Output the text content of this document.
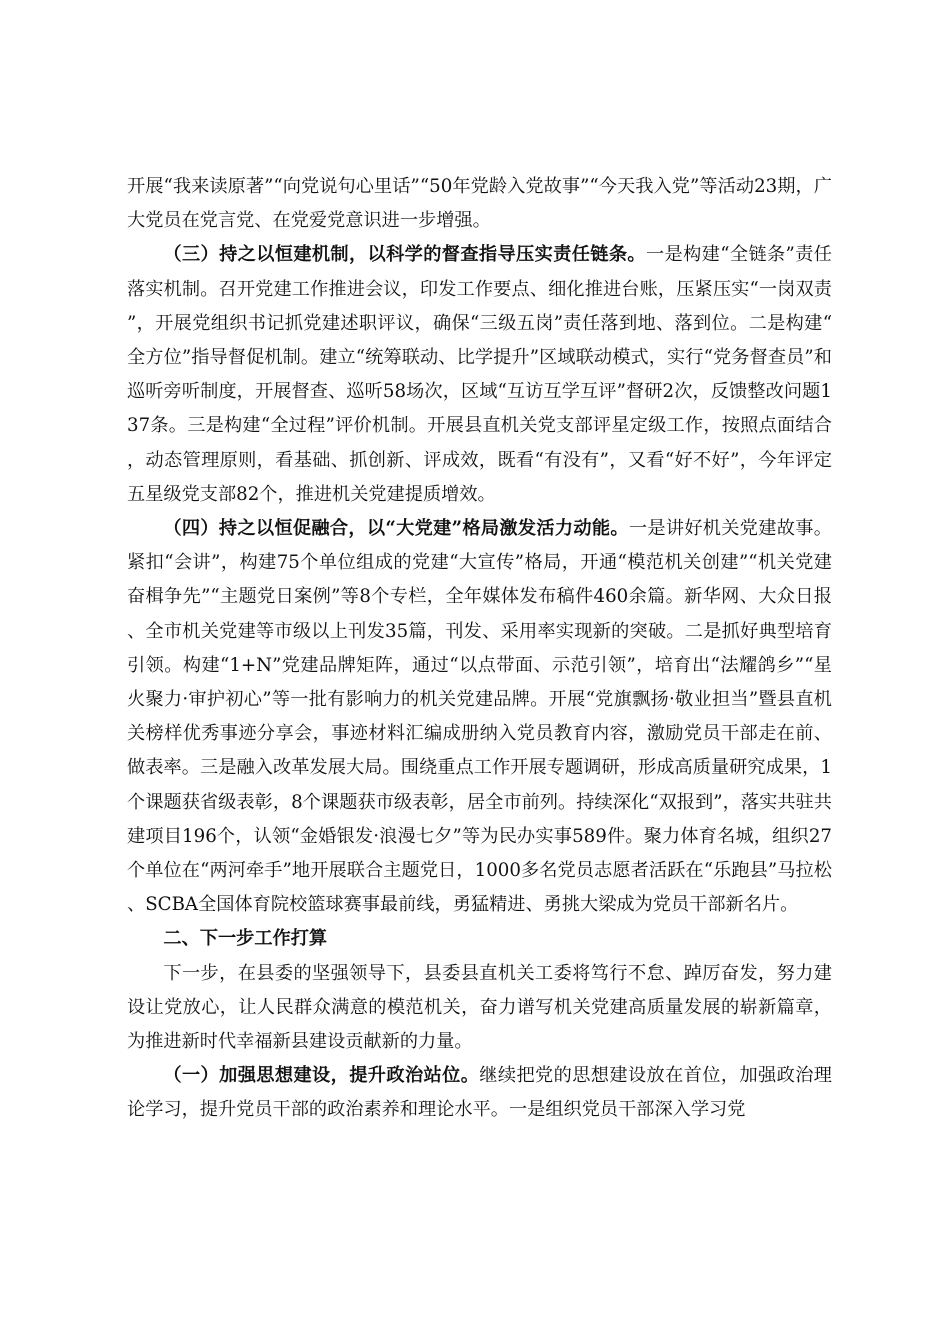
开展“我来读原著”“向党说句心里话”“50年党龄入党故事”“今天我入党”等活动23期，广大党员在党言党、在党爱党意识进一步增强。

（三）持之以恒建机制，以科学的督查指导压实责任链条。一是构建“全链条”责任落实机制。召开党建工作推进会议，印发工作要点、细化推进台账，压紧压实“一岗双责”，开展党组织书记抓党建述职评议，确保“三级五岗”责任落到地、落到位。二是构建“全方位”指导督促机制。建立“统筹联动、比学提升”区域联动模式，实行“党务督查员”和巡听旁听制度，开展督查、巡听58场次，区域“互访互学互评”督研2次，反馈整改问题137条。三是构建“全过程”评价机制。开展县直机关党支部评星定级工作，按照点面结合，动态管理原则，看基础、抓创新、评成效，既看“有没有”，又看“好不好”，今年评定五星级党支部82个，推进机关党建提质增效。

（四）持之以恒促融合，以“大党建”格局激发活力动能。一是讲好机关党建故事。紧扣“会讲”，构建75个单位组成的党建“大宣传”格局，开通“模范机关创建”“机关党建奋楫争先”“主题党日案例”等8个专栏，全年媒体发布稿件460余篇。新华网、大众日报、全市机关党建等市级以上刊发35篇，刊发、采用率实现新的突破。二是抓好典型培育引领。构建“1+N”党建品牌矩阵，通过“以点带面、示范引领”，培育出“法耀鸽乡”“星火聚力·审护初心”等一批有影响力的机关党建品牌。开展“党旗飘扬·敬业担当”暨县直机关榜样优秀事迹分享会，事迹材料汇编成册纳入党员教育内容，激励党员干部走在前、做表率。三是融入改革发展大局。围绕重点工作开展专题调研，形成高质量研究成果，1个课题获省级表彰，8个课题获市级表彰，居全市前列。持续深化“双报到”，落实共驻共建项目196个，认领“金婚银发·浪漫七夕”等为民办实事589件。聚力体育名城，组织27个单位在“两河牵手”地开展联合主题党日，1000多名党员志愿者活跃在“乐跑县”马拉松、SCBA全国体育院校篮球赛事最前线，勇猛精进、勇挑大梁成为党员干部新名片。

二、下一步工作打算

下一步，在县委的坚强领导下，县委县直机关工委将笃行不怠、踔厉奋发，努力建设让党放心，让人民群众满意的模范机关，奋力谱写机关党建高质量发展的崭新篇章，为推进新时代幸福新县建设贡献新的力量。

（一）加强思想建设，提升政治站位。继续把党的思想建设放在首位，加强政治理论学习，提升党员干部的政治素养和理论水平。一是组织党员干部深入学习党
